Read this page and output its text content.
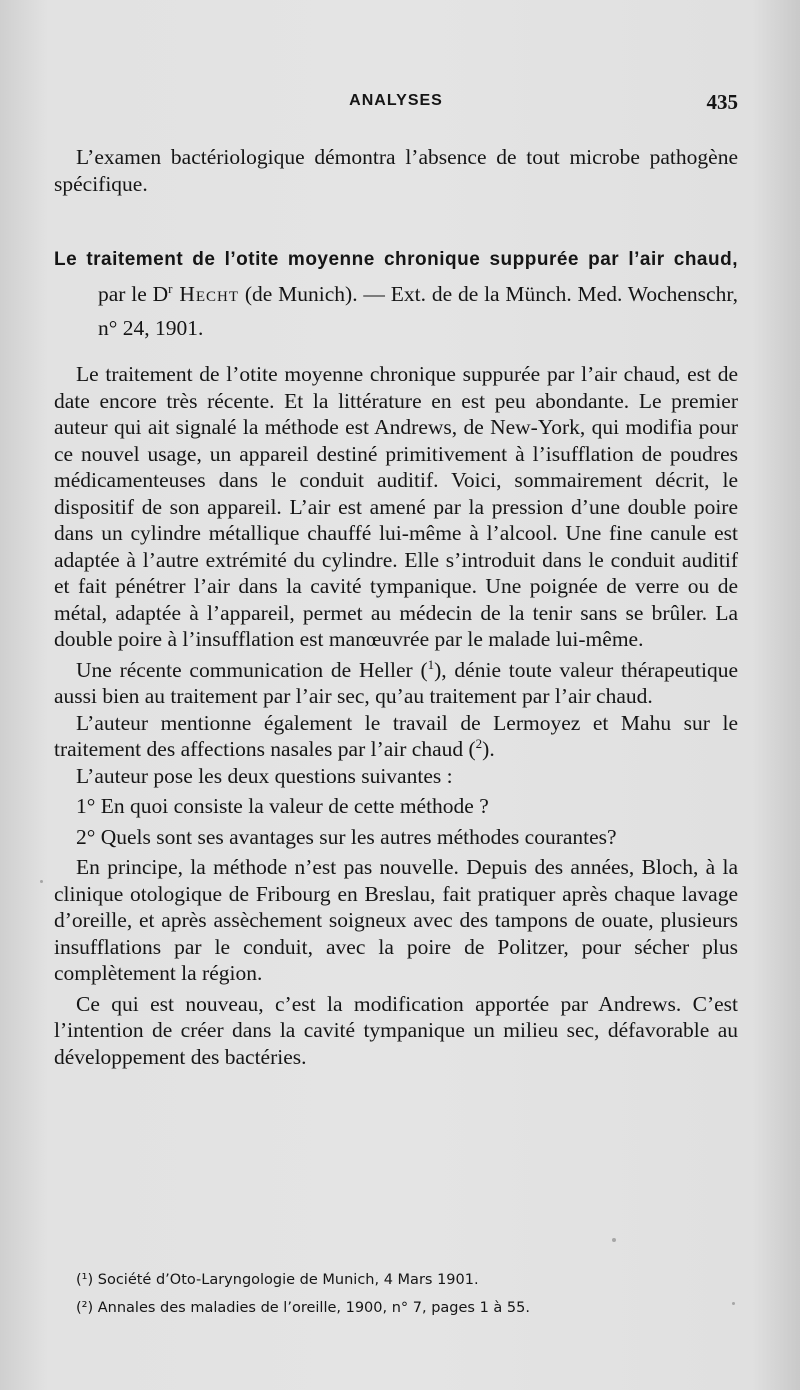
ANALYSES	435

L’examen bactériologique démontra l’absence de tout microbe pathogène spécifique.

Le traitement de l’otite moyenne chronique suppurée par l’air chaud, par le $D^r$ Hecht (de Munich). — Ext. de de la Münch. Med. Wochenschr, n° 24, 1901.

Le traitement de l’otite moyenne chronique suppurée par l’air chaud, est de date encore très récente. Et la littérature en est peu abondante. Le premier auteur qui ait signalé la méthode est Andrews, de New-York, qui modifia pour ce nouvel usage, un appareil destiné primitivement à l’isufflation de poudres médicamenteuses dans le conduit auditif. Voici, sommairement décrit, le dispositif de son appareil. L’air est amené par la pression d’une double poire dans un cylindre métallique chauffé lui-même à l’alcool. Une fine canule est adaptée à l’autre extrémité du cylindre. Elle s’introduit dans le conduit auditif et fait pénétrer l’air dans la cavité tympanique. Une poignée de verre ou de métal, adaptée à l’appareil, permet au médecin de la tenir sans se brûler. La double poire à l’insufflation est manœuvrée par le malade lui-même.

Une récente communication de Heller ($^1$), dénie toute valeur thérapeutique aussi bien au traitement par l’air sec, qu’au traitement par l’air chaud.

L’auteur mentionne également le travail de Lermoyez et Mahu sur le traitement des affections nasales par l’air chaud ($^2$).

L’auteur pose les deux questions suivantes :

1° En quoi consiste la valeur de cette méthode ?

2° Quels sont ses avantages sur les autres méthodes courantes?

En principe, la méthode n’est pas nouvelle. Depuis des années, Bloch, à la clinique otologique de Fribourg en Breslau, fait pratiquer après chaque lavage d’oreille, et après assèchement soigneux avec des tampons de ouate, plusieurs insufflations par le conduit, avec la poire de Politzer, pour sécher plus complètement la région.

Ce qui est nouveau, c’est la modification apportée par Andrews. C’est l’intention de créer dans la cavité tympanique un milieu sec, défavorable au développement des bactéries.

(¹) Société d’Oto-Laryngologie de Munich, 4 Mars 1901.
(²) Annales des maladies de l’oreille, 1900, n° 7, pages 1 à 55.
